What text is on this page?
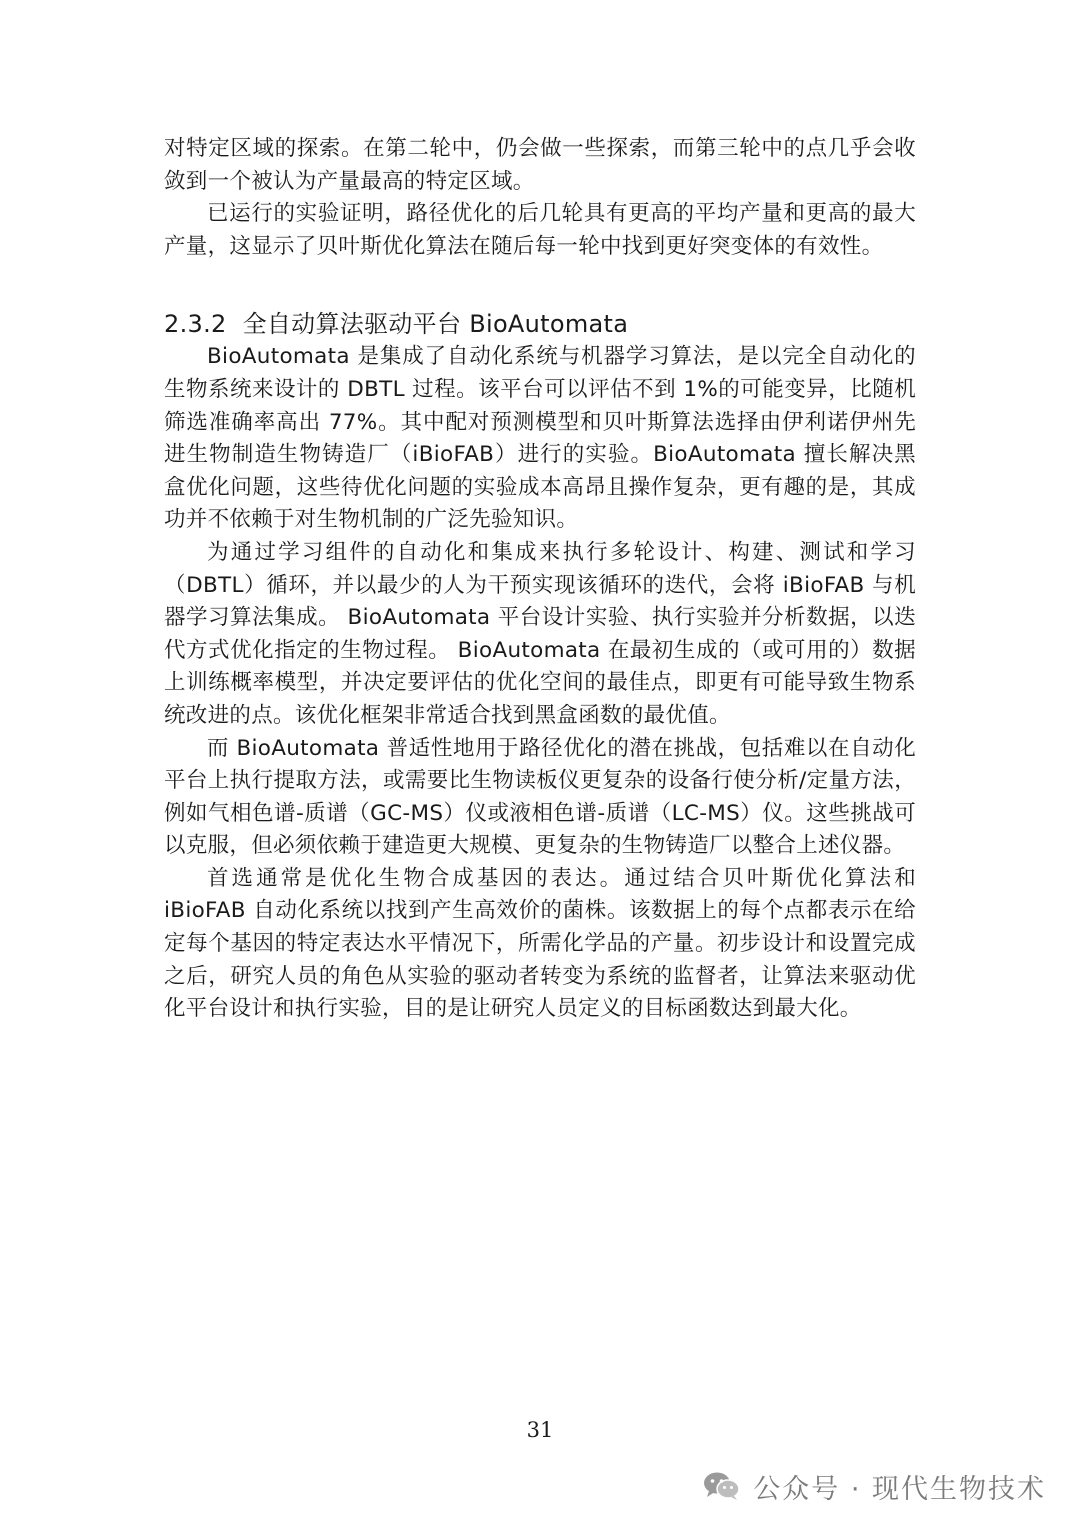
对特定区域的探索。在第二轮中，仍会做一些探索，而第三轮中的点几乎会收敛到一个被认为产量最高的特定区域。

已运行的实验证明，路径优化的后几轮具有更高的平均产量和更高的最大产量，这显示了贝叶斯优化算法在随后每一轮中找到更好突变体的有效性。

2.3.2 全自动算法驱动平台 BioAutomata

BioAutomata 是集成了自动化系统与机器学习算法，是以完全自动化的生物系统来设计的 DBTL 过程。该平台可以评估不到 1%的可能变异，比随机筛选准确率高出 77%。其中配对预测模型和贝叶斯算法选择由伊利诺伊州先进生物制造生物铸造厂（iBioFAB）进行的实验。BioAutomata 擅长解决黑盒优化问题，这些待优化问题的实验成本高昂且操作复杂，更有趣的是，其成功并不依赖于对生物机制的广泛先验知识。

为通过学习组件的自动化和集成来执行多轮设计、构建、测试和学习（DBTL）循环，并以最少的人为干预实现该循环的迭代，会将 iBioFAB 与机器学习算法集成。 BioAutomata 平台设计实验、执行实验并分析数据，以迭代方式优化指定的生物过程。 BioAutomata 在最初生成的（或可用的）数据上训练概率模型，并决定要评估的优化空间的最佳点，即更有可能导致生物系统改进的点。该优化框架非常适合找到黑盒函数的最优值。

而 BioAutomata 普适性地用于路径优化的潜在挑战，包括难以在自动化平台上执行提取方法，或需要比生物读板仪更复杂的设备行使分析/定量方法，例如气相色谱-质谱（GC-MS）仪或液相色谱-质谱（LC-MS）仪。这些挑战可以克服，但必须依赖于建造更大规模、更复杂的生物铸造厂以整合上述仪器。

首选通常是优化生物合成基因的表达。通过结合贝叶斯优化算法和 iBioFAB 自动化系统以找到产生高效价的菌株。该数据上的每个点都表示在给定每个基因的特定表达水平情况下，所需化学品的产量。初步设计和设置完成之后，研究人员的角色从实验的驱动者转变为系统的监督者，让算法来驱动优化平台设计和执行实验，目的是让研究人员定义的目标函数达到最大化。

31
公众号 · 现代生物技术
